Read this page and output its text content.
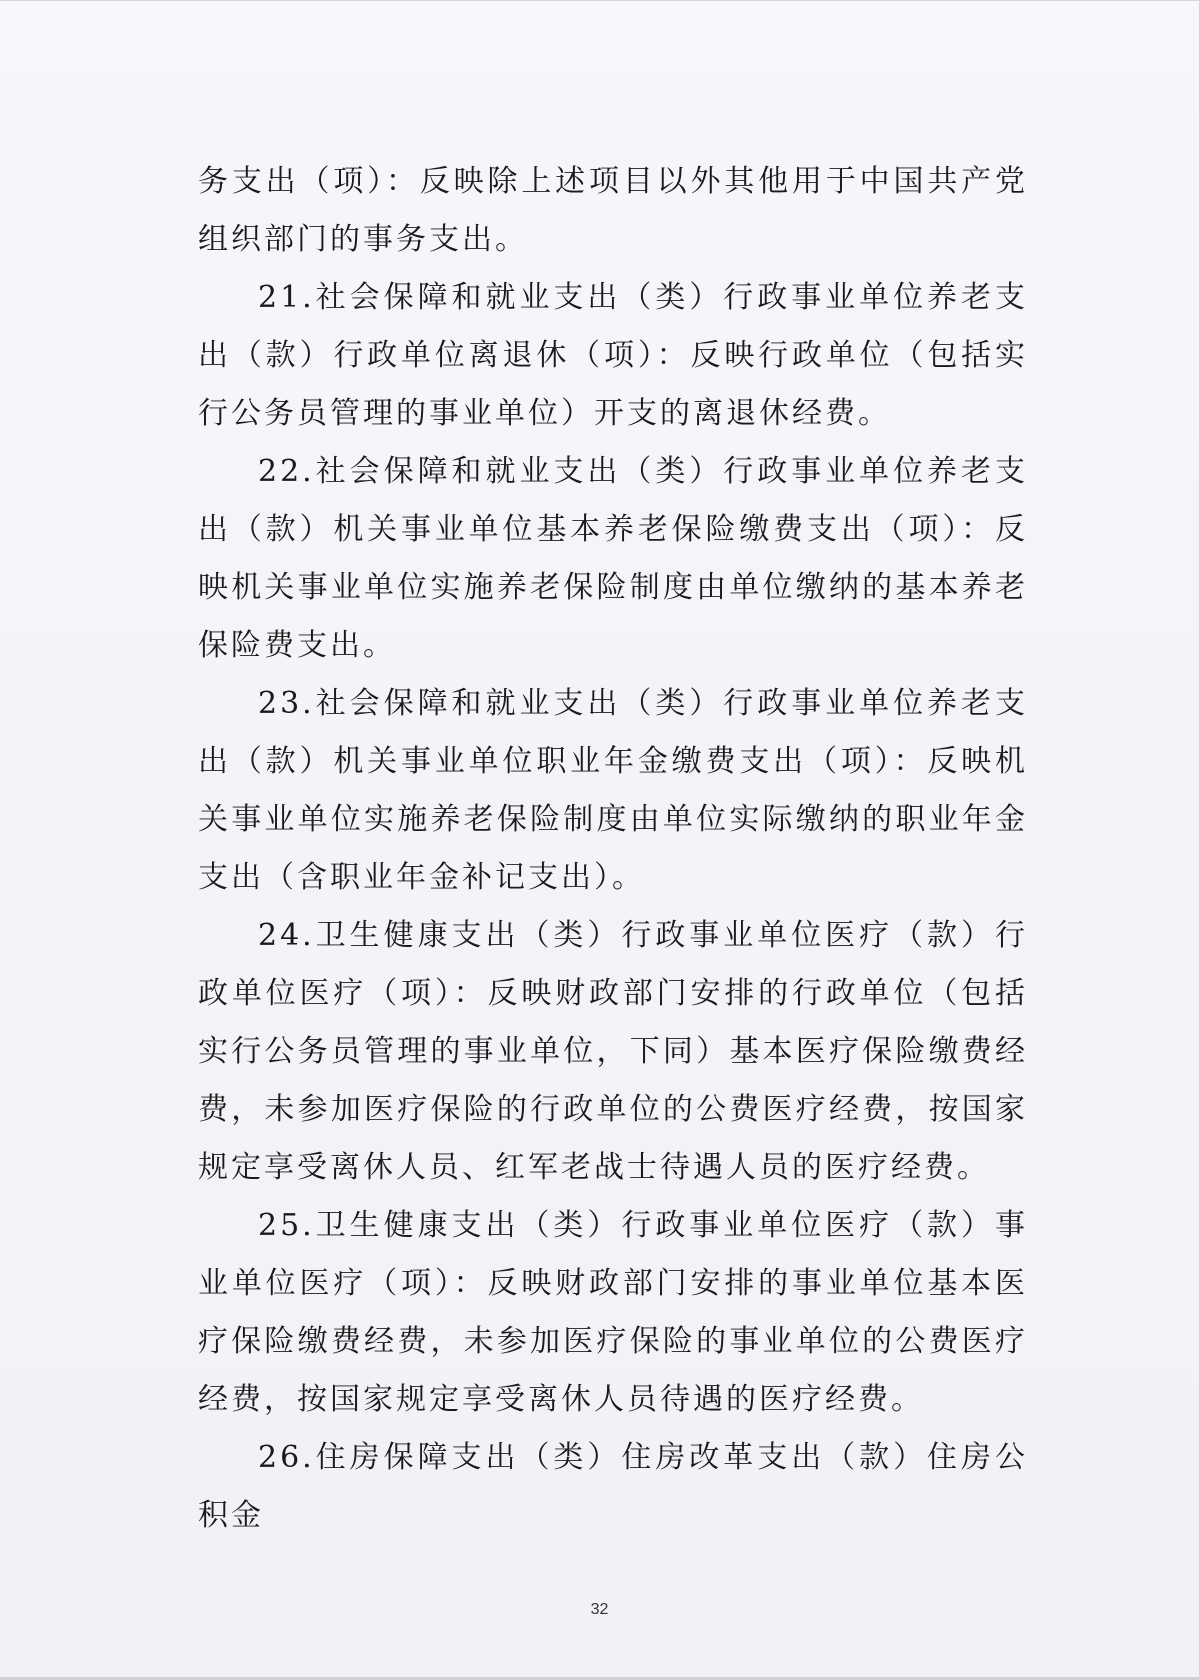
务支出（项）：反映除上述项目以外其他用于中国共产党组织部门的事务支出。

21.社会保障和就业支出（类）行政事业单位养老支出（款）行政单位离退休（项）：反映行政单位（包括实行公务员管理的事业单位）开支的离退休经费。

22.社会保障和就业支出（类）行政事业单位养老支出（款）机关事业单位基本养老保险缴费支出（项）：反映机关事业单位实施养老保险制度由单位缴纳的基本养老保险费支出。

23.社会保障和就业支出（类）行政事业单位养老支出（款）机关事业单位职业年金缴费支出（项）：反映机关事业单位实施养老保险制度由单位实际缴纳的职业年金支出（含职业年金补记支出）。

24.卫生健康支出（类）行政事业单位医疗（款）行政单位医疗（项）：反映财政部门安排的行政单位（包括实行公务员管理的事业单位，下同）基本医疗保险缴费经费，未参加医疗保险的行政单位的公费医疗经费，按国家规定享受离休人员、红军老战士待遇人员的医疗经费。

25.卫生健康支出（类）行政事业单位医疗（款）事业单位医疗（项）：反映财政部门安排的事业单位基本医疗保险缴费经费，未参加医疗保险的事业单位的公费医疗经费，按国家规定享受离休人员待遇的医疗经费。

26.住房保障支出（类）住房改革支出（款）住房公积金

32
